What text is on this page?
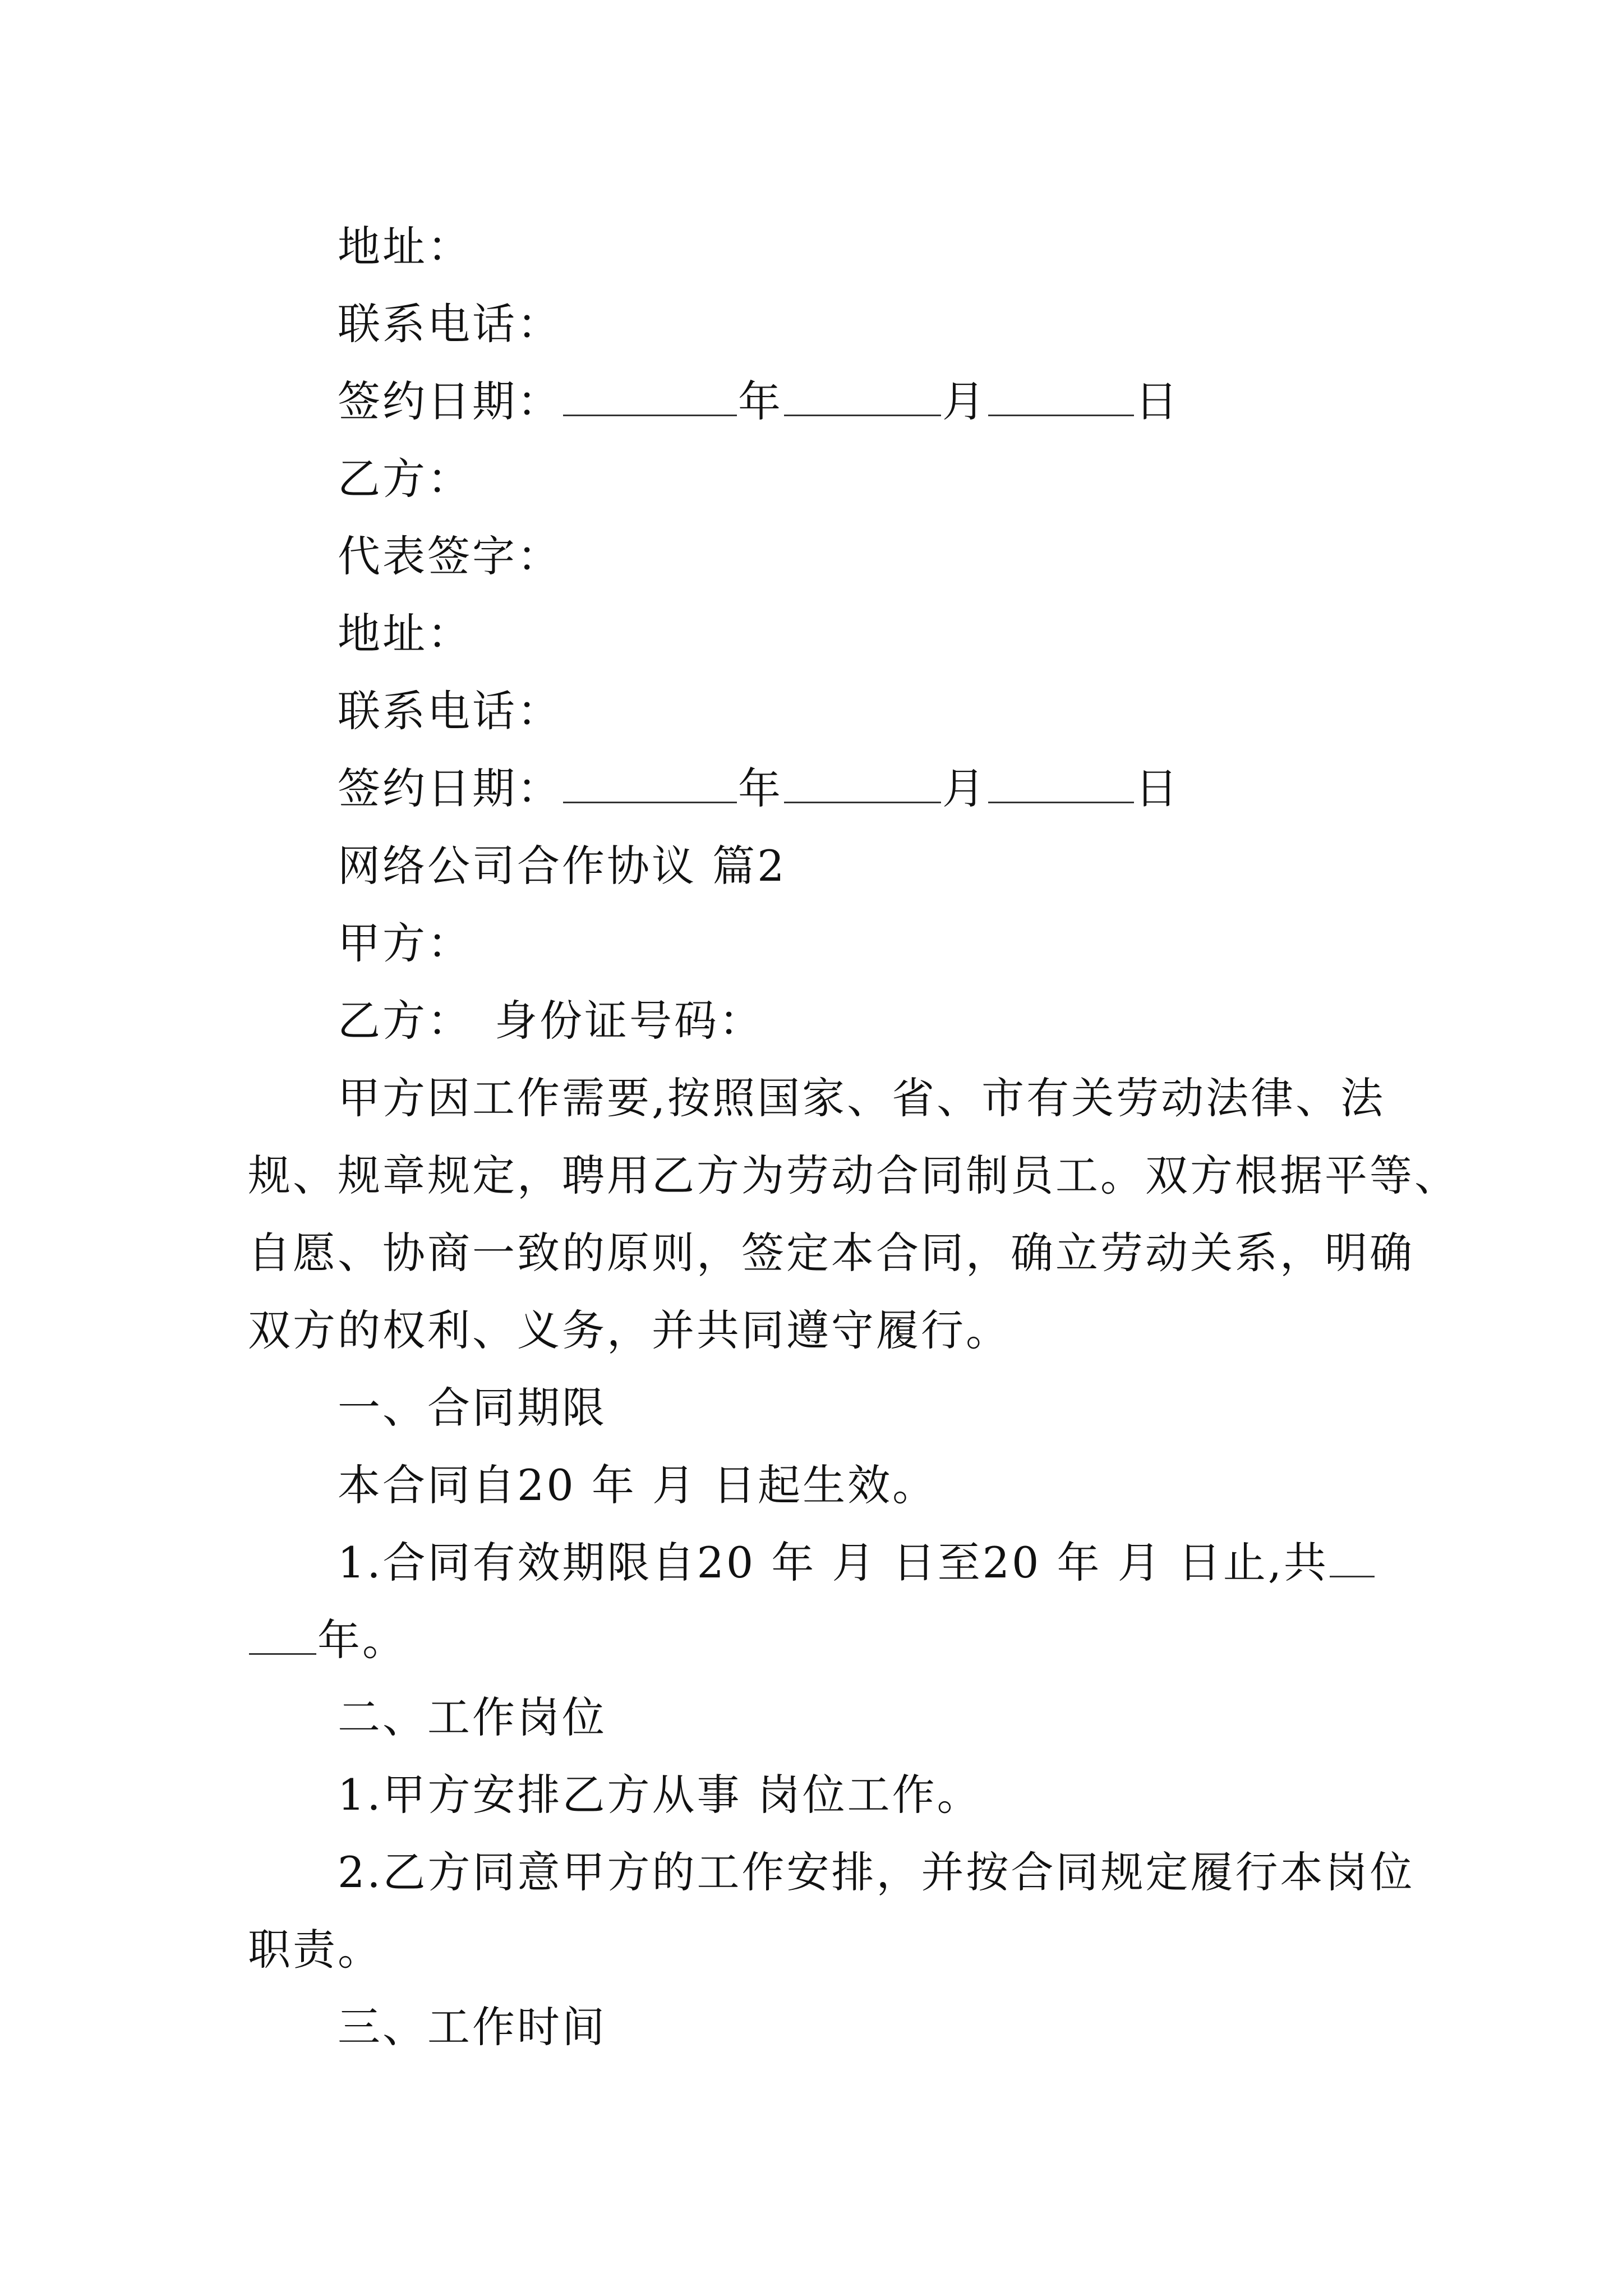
地址：
联系电话：
签约日期：	年	月	日
乙方：
代表签字：
地址：
联系电话：
签约日期：	年	月	日
网络公司合作协议 篇2
甲方：
乙方： 身份证号码：
甲方因工作需要,按照国家、省、市有关劳动法律、法
规、规章规定，聘用乙方为劳动合同制员工。双方根据平等、
自愿、协商一致的原则，签定本合同，确立劳动关系，明确
双方的权利、义务，并共同遵守履行。
一、合同期限
本合同自20 年 月 日起生效。
1.合同有效期限自20 年 月 日至20 年 月 日止,共
年。
二、工作岗位
1.甲方安排乙方从事 岗位工作。
2.乙方同意甲方的工作安排，并按合同规定履行本岗位
职责。
三、工作时间
